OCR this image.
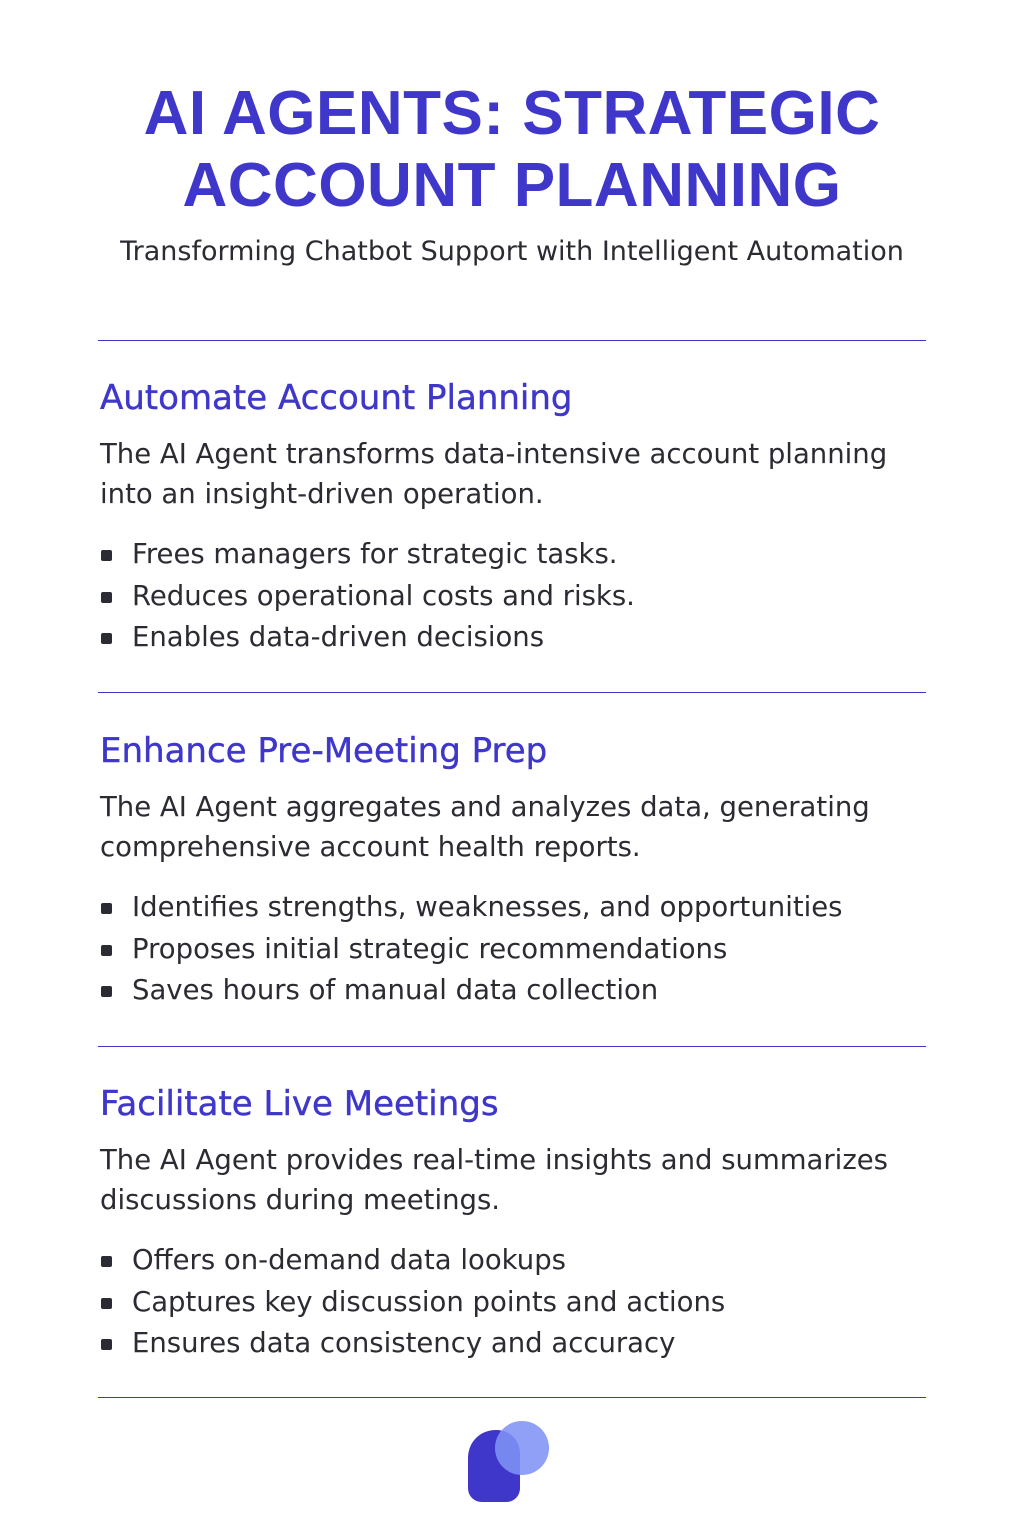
AI AGENTS: STRATEGIC
ACCOUNT PLANNING

Transforming Chatbot Support with Intelligent Automation

Automate Account Planning

The AI Agent transforms data-intensive account planning into an insight-driven operation.

Frees managers for strategic tasks.
Reduces operational costs and risks.
Enables data-driven decisions
Enhance Pre-Meeting Prep

The AI Agent aggregates and analyzes data, generating comprehensive account health reports.

Identifies strengths, weaknesses, and opportunities
Proposes initial strategic recommendations
Saves hours of manual data collection
Facilitate Live Meetings

The AI Agent provides real-time insights and summarizes discussions during meetings.

Offers on-demand data lookups
Captures key discussion points and actions
Ensures data consistency and accuracy
